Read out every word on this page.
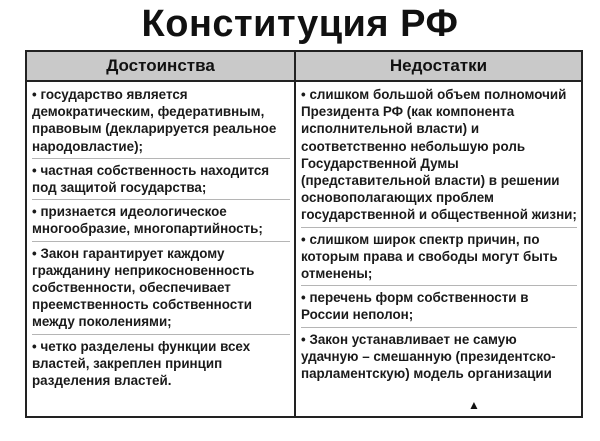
Конституция РФ
Достоинства	Недостатки
• государство является демократическим, федеративным, правовым (декларируется реальное народовластие);
• частная собственность находится под защитой государства;
• признается идеологическое многообразие, многопартийность;
• Закон гарантирует каждому гражданину неприкосновенность собственности, обеспечивает преемственность собственности между поколениями;
• четко разделены функции всех властей, закреплен принцип разделения властей.
• слишком большой объем полномочий Президента РФ (как компонента исполнительной власти) и соответственно небольшую роль Государственной Думы (представительной власти) в решении основополагающих проблем государственной и общественной жизни;
• слишком широк спектр причин, по которым права и свободы могут быть отменены;
• перечень форм собственности в России неполон;
• Закон устанавливает не самую удачную – смешанную (президентско-парламентскую) модель организации
▲
